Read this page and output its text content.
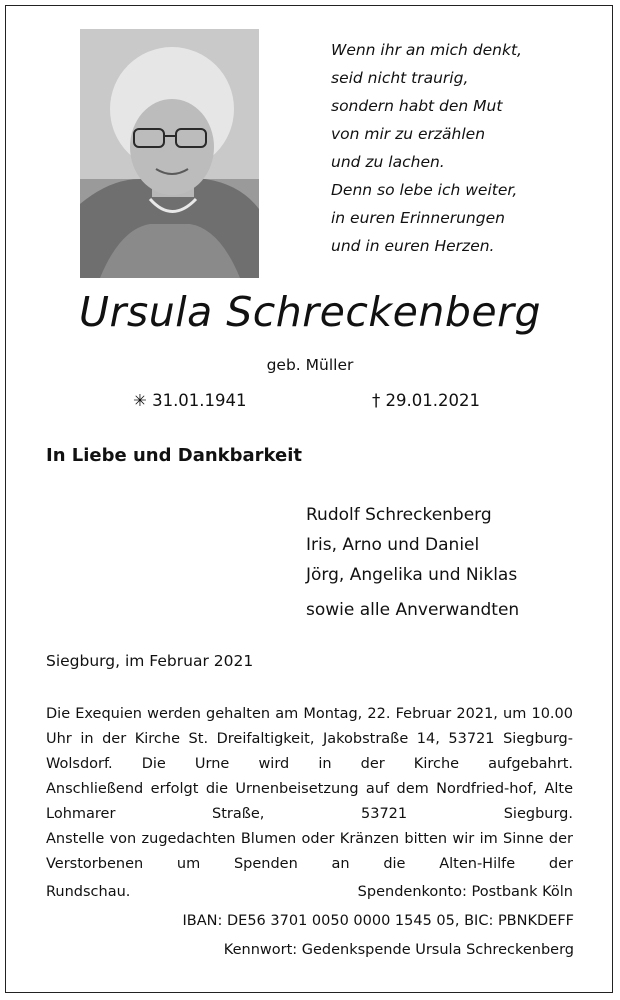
Wenn ihr an mich denkt,
seid nicht traurig,
sondern habt den Mut
von mir zu erzählen
und zu lachen.
Denn so lebe ich weiter,
in euren Erinnerungen
und in euren Herzen.
Ursula Schreckenberg
geb. Müller
✳ 31.01.1941	† 29.01.2021
In Liebe und Dankbarkeit
Rudolf Schreckenberg
Iris, Arno und Daniel
Jörg, Angelika und Niklas
sowie alle Anverwandten
Siegburg, im Februar 2021

Die Exequien werden gehalten am Montag, 22. Februar 2021, um 10.00 Uhr in der Kirche St. Dreifaltigkeit, Jakobstraße 14, 53721 Siegburg-Wolsdorf. Die Urne wird in der Kirche aufgebahrt.

Anschließend erfolgt die Urnenbeisetzung auf dem Nordfried-hof, Alte Lohmarer Straße, 53721 Siegburg.

Anstelle von zugedachten Blumen oder Kränzen bitten wir im Sinne der Verstorbenen um Spenden an die Alten-Hilfe der

Rundschau.	Spendenkonto: Postbank Köln
IBAN: DE56 3701 0050 0000 1545 05, BIC: PBNKDEFF
Kennwort: Gedenkspende Ursula Schreckenberg
